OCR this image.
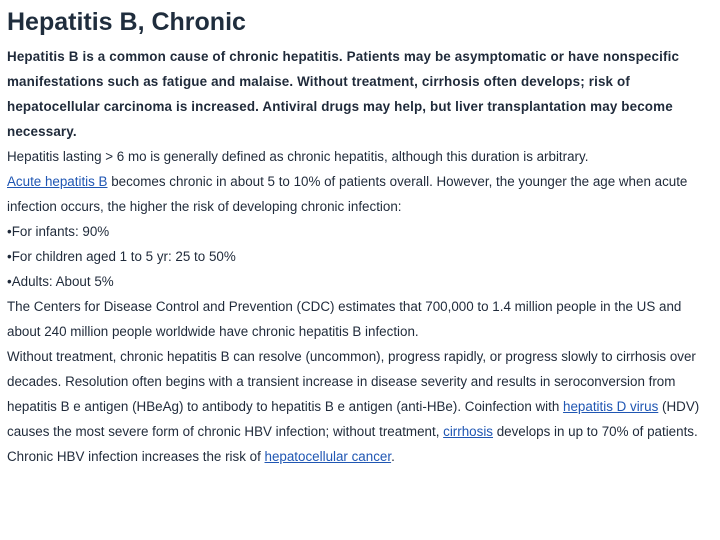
Hepatitis B, Chronic

Hepatitis B is a common cause of chronic hepatitis. Patients may be asymptomatic or have nonspecific manifestations such as fatigue and malaise. Without treatment, cirrhosis often develops; risk of hepatocellular carcinoma is increased. Antiviral drugs may help, but liver transplantation may become necessary.

Hepatitis lasting > 6 mo is generally defined as chronic hepatitis, although this duration is arbitrary.

Acute hepatitis B becomes chronic in about 5 to 10% of patients overall. However, the younger the age when acute infection occurs, the higher the risk of developing chronic infection:

•For infants: 90%

•For children aged 1 to 5 yr: 25 to 50%

•Adults: About 5%

The Centers for Disease Control and Prevention (CDC) estimates that 700,000 to 1.4 million people in the US and about 240 million people worldwide have chronic hepatitis B infection.

Without treatment, chronic hepatitis B can resolve (uncommon), progress rapidly, or progress slowly to cirrhosis over decades. Resolution often begins with a transient increase in disease severity and results in seroconversion from hepatitis B e antigen (HBeAg) to antibody to hepatitis B e antigen (anti-HBe). Coinfection with hepatitis D virus (HDV) causes the most severe form of chronic HBV infection; without treatment, cirrhosis develops in up to 70% of patients. Chronic HBV infection increases the risk of hepatocellular cancer.
